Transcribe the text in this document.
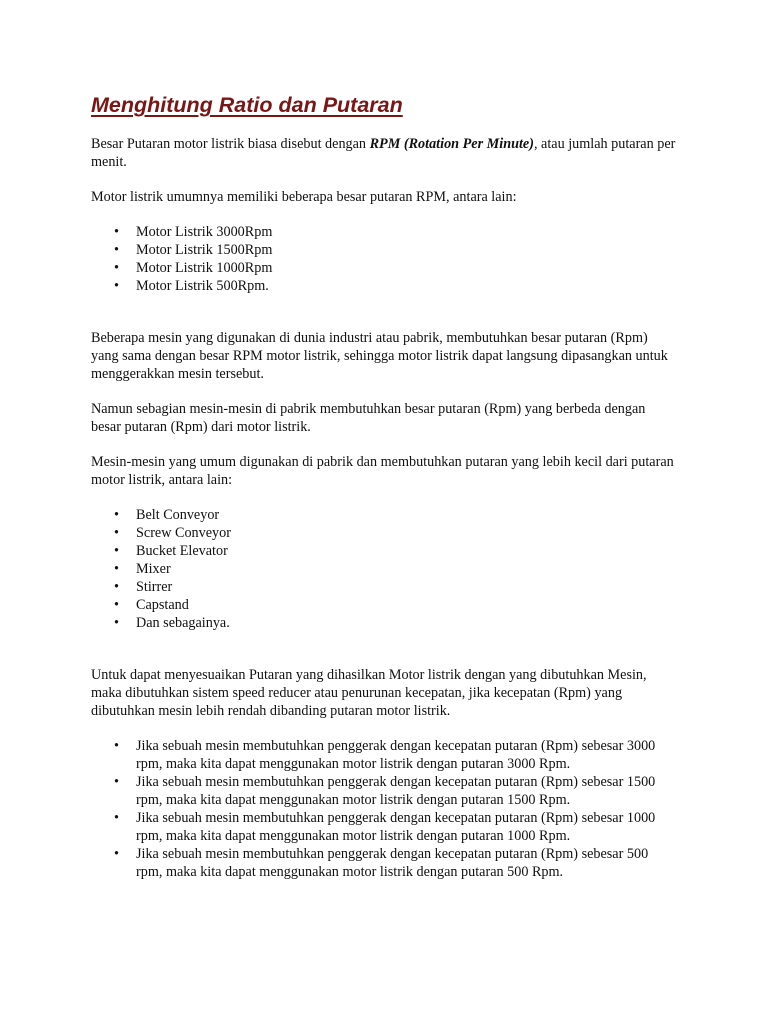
Menghitung Ratio dan Putaran

Besar Putaran motor listrik biasa disebut dengan RPM (Rotation Per Minute), atau jumlah putaran per menit.

Motor listrik umumnya memiliki beberapa besar putaran RPM, antara lain:

• Motor Listrik 3000Rpm
• Motor Listrik 1500Rpm
• Motor Listrik 1000Rpm
• Motor Listrik 500Rpm.

Beberapa mesin yang digunakan di dunia industri atau pabrik, membutuhkan besar putaran (Rpm) yang sama dengan besar RPM motor listrik, sehingga motor listrik dapat langsung dipasangkan untuk menggerakkan mesin tersebut.

Namun sebagian mesin-mesin di pabrik membutuhkan besar putaran (Rpm) yang berbeda dengan besar putaran (Rpm) dari motor listrik.

Mesin-mesin yang umum digunakan di pabrik dan membutuhkan putaran yang lebih kecil dari putaran motor listrik, antara lain:

• Belt Conveyor
• Screw Conveyor
• Bucket Elevator
• Mixer
• Stirrer
• Capstand
• Dan sebagainya.

Untuk dapat menyesuaikan Putaran yang dihasilkan Motor listrik dengan yang dibutuhkan Mesin, maka dibutuhkan sistem speed reducer atau penurunan kecepatan, jika kecepatan (Rpm) yang dibutuhkan mesin lebih rendah dibanding putaran motor listrik.

• Jika sebuah mesin membutuhkan penggerak dengan kecepatan putaran (Rpm) sebesar 3000 rpm, maka kita dapat menggunakan motor listrik dengan putaran 3000 Rpm.
• Jika sebuah mesin membutuhkan penggerak dengan kecepatan putaran (Rpm) sebesar 1500 rpm, maka kita dapat menggunakan motor listrik dengan putaran 1500 Rpm.
• Jika sebuah mesin membutuhkan penggerak dengan kecepatan putaran (Rpm) sebesar 1000 rpm, maka kita dapat menggunakan motor listrik dengan putaran 1000 Rpm.
• Jika sebuah mesin membutuhkan penggerak dengan kecepatan putaran (Rpm) sebesar 500 rpm, maka kita dapat menggunakan motor listrik dengan putaran 500 Rpm.
